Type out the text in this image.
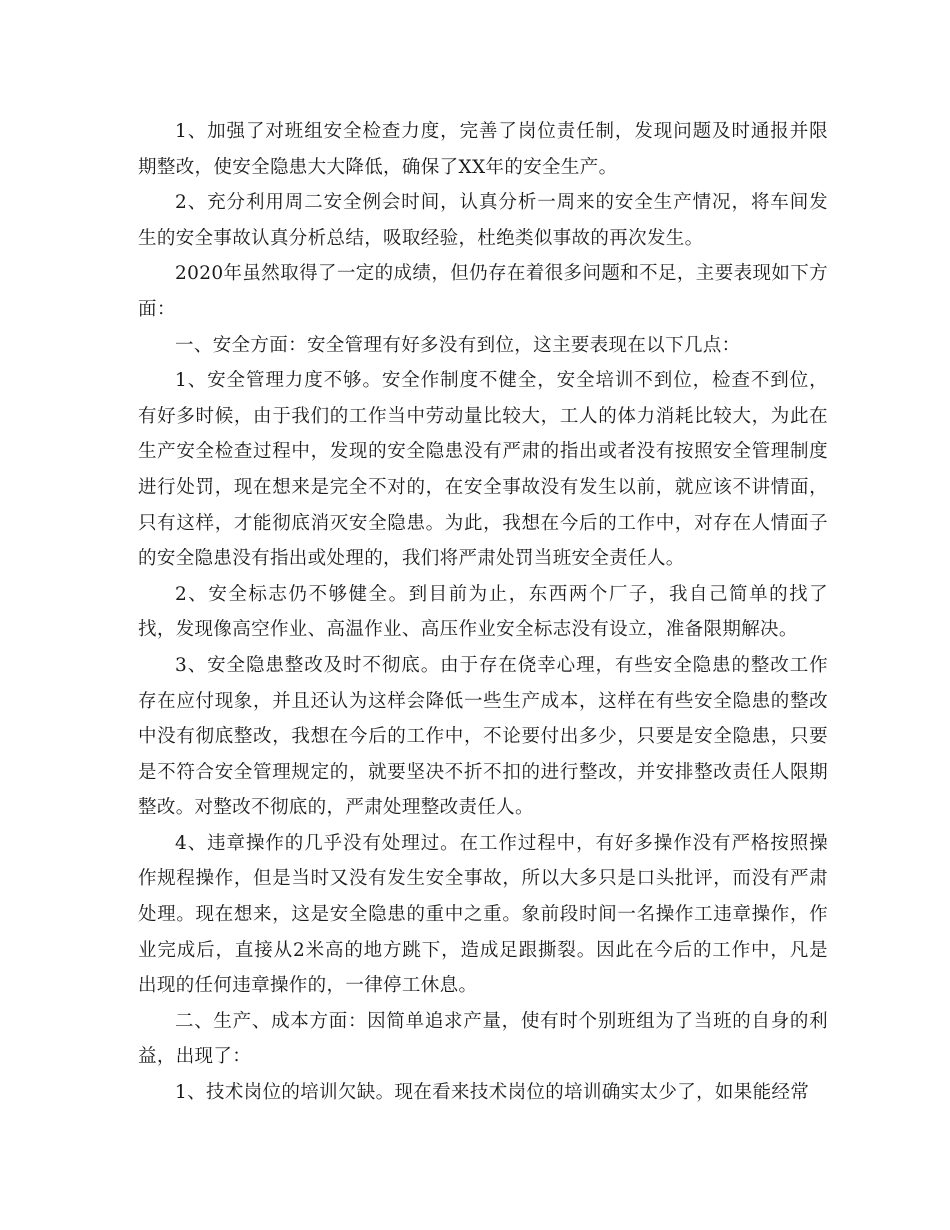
1、加强了对班组安全检查力度，完善了岗位责任制，发现问题及时通报并限期整改，使安全隐患大大降低，确保了XX年的安全生产。

2、充分利用周二安全例会时间，认真分析一周来的安全生产情况，将车间发生的安全事故认真分析总结，吸取经验，杜绝类似事故的再次发生。

2020年虽然取得了一定的成绩，但仍存在着很多问题和不足，主要表现如下方面：

一、安全方面：安全管理有好多没有到位，这主要表现在以下几点：

1、安全管理力度不够。安全作制度不健全，安全培训不到位，检查不到位，有好多时候，由于我们的工作当中劳动量比较大，工人的体力消耗比较大，为此在生产安全检查过程中，发现的安全隐患没有严肃的指出或者没有按照安全管理制度进行处罚，现在想来是完全不对的，在安全事故没有发生以前，就应该不讲情面，只有这样，才能彻底消灭安全隐患。为此，我想在今后的工作中，对存在人情面子的安全隐患没有指出或处理的，我们将严肃处罚当班安全责任人。

2、安全标志仍不够健全。到目前为止，东西两个厂子，我自己简单的找了找，发现像高空作业、高温作业、高压作业安全标志没有设立，准备限期解决。

3、安全隐患整改及时不彻底。由于存在侥幸心理，有些安全隐患的整改工作存在应付现象，并且还认为这样会降低一些生产成本，这样在有些安全隐患的整改中没有彻底整改，我想在今后的工作中，不论要付出多少，只要是安全隐患，只要是不符合安全管理规定的，就要坚决不折不扣的进行整改，并安排整改责任人限期整改。对整改不彻底的，严肃处理整改责任人。

4、违章操作的几乎没有处理过。在工作过程中，有好多操作没有严格按照操作规程操作，但是当时又没有发生安全事故，所以大多只是口头批评，而没有严肃处理。现在想来，这是安全隐患的重中之重。象前段时间一名操作工违章操作，作业完成后，直接从2米高的地方跳下，造成足跟撕裂。因此在今后的工作中，凡是出现的任何违章操作的，一律停工休息。

二、生产、成本方面：因简单追求产量，使有时个别班组为了当班的自身的利益，出现了：

1、技术岗位的培训欠缺。现在看来技术岗位的培训确实太少了，如果能经常
